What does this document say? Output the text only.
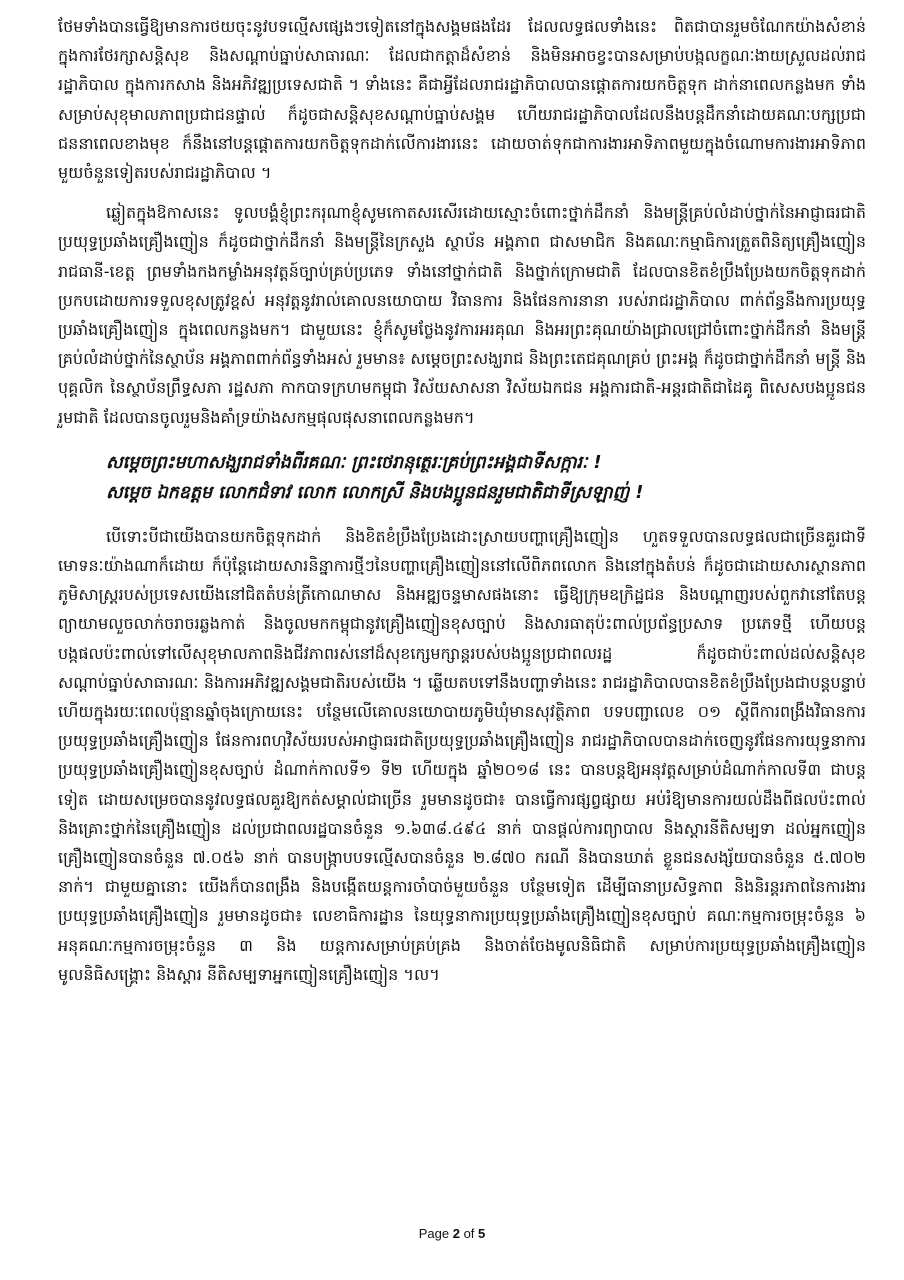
ថែមទាំងបានធ្វើឱ្យមានការថយចុះនូវបទល្មើសផ្សេងៗទៀតនៅក្នុងសង្គមផងដែរ ដែលលទ្ធផលទាំងនេះ ពិតជាបានរួមចំណែកយ៉ាងសំខាន់ ក្នុងការថែរក្សាសន្តិសុខ និងសណ្តាប់ធ្នាប់សាធារណៈ ដែលជាកត្តាដ៏សំខាន់ និងមិនអាចខ្វះបានសម្រាប់បង្កលក្ខណៈងាយស្រួលដល់រាជរដ្ឋាភិបាល ក្នុងការកសាង និងអភិវឌ្ឍប្រទេសជាតិ ។ ទាំងនេះ គឺជាអ្វីដែលរាជរដ្ឋាភិបាលបានផ្តោតការយកចិត្តទុក ដាក់នាពេលកន្លងមក ទាំងសម្រាប់សុខុមាលភាពប្រជាជនផ្ទាល់ ក៏ដូចជាសន្តិសុខសណ្តាប់ធ្នាប់សង្គម ហើយរាជរដ្ឋាភិបាលដែលនឹងបន្តដឹកនាំដោយគណៈបក្សប្រជាជននាពេលខាងមុខ ក៏នឹងនៅបន្តផ្តោតការយកចិត្តទុកដាក់លើការងារនេះ ដោយចាត់ទុកជាការងារអាទិភាពមួយក្នុងចំណោមការងារអាទិភាពមួយចំនួនទៀតរបស់រាជរដ្ឋាភិបាល ។

ឆ្លៀតក្នុងឱកាសនេះ ទូលបង្គំខ្ញុំព្រះករុណាខ្ញុំសូមកោតសរសើរដោយស្មោះចំពោះថ្នាក់ដឹកនាំ និងមន្ត្រីគ្រប់លំដាប់ថ្នាក់នៃអាជ្ញាធរជាតិប្រយុទ្ធប្រឆាំងគ្រឿងញៀន ក៏ដូចជាថ្នាក់ដឹកនាំ និងមន្ត្រីនៃក្រសួង ស្ថាប័ន អង្គភាព ជាសមាជិក និងគណៈកម្មាធិការត្រួតពិនិត្យគ្រឿងញៀនរាជធានី-ខេត្ត ព្រមទាំងកងកម្លាំងអនុវត្តន៍ច្បាប់គ្រប់ប្រភេទ ទាំងនៅថ្នាក់ជាតិ និងថ្នាក់ក្រោមជាតិ ដែលបានខិតខំប្រឹងប្រែងយកចិត្តទុកដាក់ប្រកបដោយការទទួលខុសត្រូវខ្ពស់ អនុវត្តនូវរាល់គោលនយោបាយ វិធានការ និងផែនការនានា របស់រាជរដ្ឋាភិបាល ពាក់ព័ន្ធនឹងការប្រយុទ្ធប្រឆាំងគ្រឿងញៀន ក្នុងពេលកន្លងមក។ ជាមួយនេះ ខ្ញុំក៏សូមថ្លែងនូវការអរគុណ និងអរព្រះគុណយ៉ាងជ្រាលជ្រៅចំពោះថ្នាក់ដឹកនាំ និងមន្ត្រីគ្រប់លំដាប់ថ្នាក់នៃស្ថាប័ន អង្គភាពពាក់ព័ន្ធទាំងអស់ រួមមាន៖ សម្តេចព្រះសង្ឃរាជ និងព្រះតេជគុណគ្រប់ ព្រះអង្គ ក៏ដូចជាថ្នាក់ដឹកនាំ មន្ត្រី និងបុគ្គលិក នៃស្ថាប័នព្រឹទ្ធសភា រដ្ឋសភា កាកបាទក្រហមកម្ពុជា វិស័យសាសនា វិស័យឯកជន អង្គការជាតិ-អន្តរជាតិជាដៃគូ ពិសេសបងប្អូនជនរួមជាតិ ដែលបានចូលរួមនិងគាំទ្រយ៉ាងសកម្មផុលផុសនាពេលកន្លងមក។

សម្តេចព្រះមហាសង្ឃរាជទាំងពីរគណៈ ព្រះថេរានុត្ថេរៈគ្រប់ព្រះអង្គជាទីសក្ការៈ !
សម្តេច ឯកឧត្តម លោកជំទាវ លោក លោកស្រី និងបងប្អូនជនរួមជាតិជាទីស្រឡាញ់ !

បើទោះបីជាយើងបានយកចិត្តទុកដាក់ និងខិតខំប្រឹងប្រែងដោះស្រាយបញ្ហាគ្រឿងញៀន ហួតទទួលបានលទ្ធផលជាច្រើនគួរជាទីមោទនៈយ៉ាងណាក៏ដោយ ក៏ប៉ុន្តែដោយសារនិន្នាការថ្មីៗនៃបញ្ហាគ្រឿងញៀននៅលើពិភពលោក និងនៅក្នុងតំបន់ ក៏ដូចជាដោយសារស្ថានភាពភូមិសាស្ត្ររបស់ប្រទេសយើងនៅជិតតំបន់ត្រីកោណមាស និងអឌ្ឍចន្ទមាសផងនោះ ធ្វើឱ្យក្រុមឧក្រិដ្ឋជន និងបណ្តាញរបស់ពួកវានៅតែបន្តព្យាយាមលួចលាក់ចរាចរឆ្លងកាត់ និងចូលមកកម្ពុជានូវគ្រឿងញៀនខុសច្បាប់ និងសារធាតុប៉ះពាល់ប្រព័ន្ធប្រសាទ ប្រភេទថ្មី ហើយបន្តបង្កផលប៉ះពាល់ទៅលើសុខុមាលភាពនិងជីវភាពរស់នៅដ៏សុខក្សេមក្សាន្តរបស់បងប្អូនប្រជាពលរដ្ឋ ក៏ដូចជាប៉ះពាល់ដល់សន្តិសុខ សណ្តាប់ធ្នាប់សាធារណៈ និងការអភិវឌ្ឍសង្គមជាតិរបស់យើង ។ ឆ្លើយតបទៅនឹងបញ្ហាទាំងនេះ រាជរដ្ឋាភិបាលបានខិតខំប្រឹងប្រែងជាបន្តបន្ទាប់ ហើយក្នុងរយៈពេលប៉ុន្មានឆ្នាំចុងក្រោយនេះ បន្ថែមលើគោលនយោបាយភូមិឃុំមានសុវត្ថិភាព បទបញ្ជាលេខ ០១ ស្តីពីការពង្រឹងវិធានការប្រយុទ្ធប្រឆាំងគ្រឿងញៀន ផែនការពហុវិស័យរបស់អាជ្ញាធរជាតិប្រយុទ្ធប្រឆាំងគ្រឿងញៀន រាជរដ្ឋាភិបាលបានដាក់ចេញនូវផែនការយុទ្ធនាការប្រយុទ្ធប្រឆាំងគ្រឿងញៀនខុសច្បាប់ ដំណាក់កាលទី១ ទី២ ហើយក្នុង ឆ្នាំ២០១៨ នេះ បានបន្តឱ្យអនុវត្តសម្រាប់ដំណាក់កាលទី៣ ជាបន្តទៀត ដោយសម្រេចបាននូវលទ្ធផលគួរឱ្យកត់សម្គាល់ជាច្រើន រួមមានដូចជា៖ បានធ្វើការផ្សព្វផ្សាយ អប់រំឱ្យមានការយល់ដឹងពីផលប៉ះពាល់ និងគ្រោះថ្នាក់នៃគ្រឿងញៀន ដល់ប្រជាពលរដ្ឋបានចំនួន ១.៦៣៨.៤៩៤ នាក់ បានផ្តល់ការព្យាបាល និងស្តារនីតិសម្បទា ដល់អ្នកញៀនគ្រឿងញៀនបានចំនួន ៧.០៥៦ នាក់ បានបង្ក្រាបបទល្មើសបានចំនួន ២.៨៧០ ករណី និងបានឃាត់ ខ្លួនជនសង្ស័យបានចំនួន ៥.៧០២ នាក់។ ជាមួយគ្នានោះ យើងក៏បានពង្រឹង និងបង្កើតយន្តការចាំបាច់មួយចំនួន បន្ថែមទៀត ដើម្បីធានាប្រសិទ្ធភាព និងនិរន្តរភាពនៃការងារប្រយុទ្ធប្រឆាំងគ្រឿងញៀន រួមមានដូចជា៖ លេខាធិការដ្ឋាន នៃយុទ្ធនាការប្រយុទ្ធប្រឆាំងគ្រឿងញៀនខុសច្បាប់ គណៈកម្មការចម្រុះចំនួន ៦ អនុគណៈកម្មការចម្រុះចំនួន ៣ និង យន្តការសម្រាប់គ្រប់គ្រង និងចាត់ចែងមូលនិធិជាតិ សម្រាប់ការប្រយុទ្ធប្រឆាំងគ្រឿងញៀន មូលនិធិសង្គ្រោះ និងស្តារ នីតិសម្បទាអ្នកញៀនគ្រឿងញៀន ។ល។

Page 2 of 5
